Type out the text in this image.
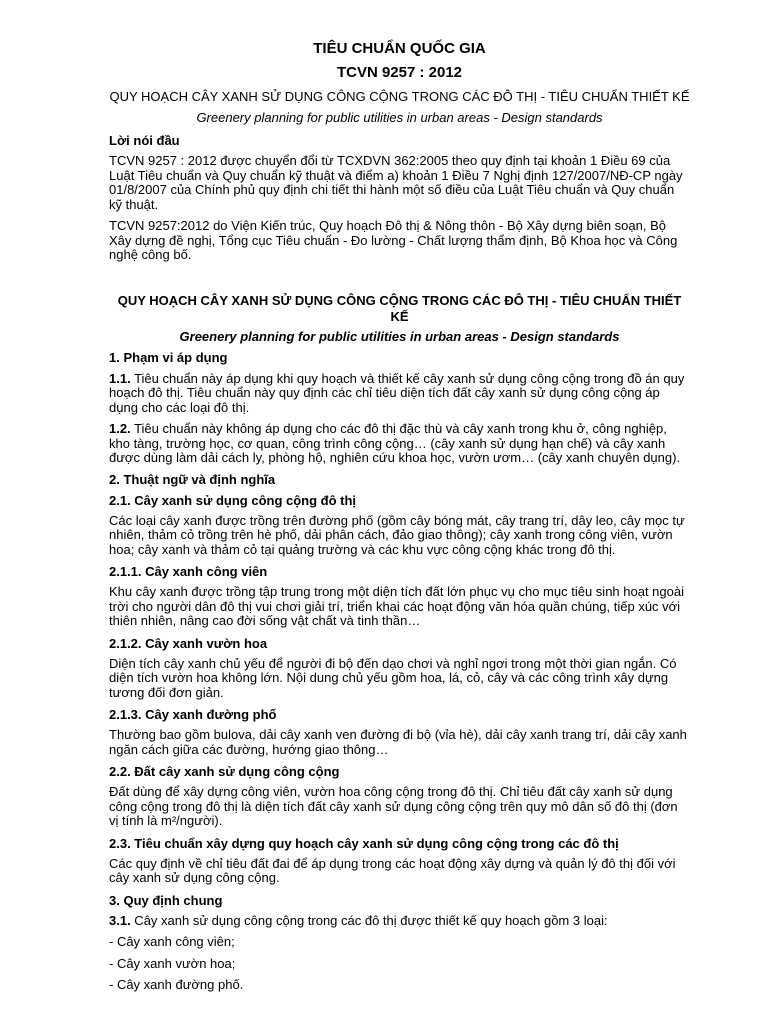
TIÊU CHUẨN QUỐC GIA

TCVN 9257 : 2012

QUY HOẠCH CÂY XANH SỬ DỤNG CÔNG CỘNG TRONG CÁC ĐÔ THỊ - TIÊU CHUẨN THIẾT KẾ

Greenery planning for public utilities in urban areas - Design standards

Lời nói đầu

TCVN 9257 : 2012 được chuyển đổi từ TCXDVN 362:2005 theo quy định tại khoản 1 Điều 69 của Luật Tiêu chuẩn và Quy chuẩn kỹ thuật và điểm a) khoản 1 Điều 7 Nghị định 127/2007/NĐ-CP ngày 01/8/2007 của Chính phủ quy định chi tiết thi hành một số điều của Luật Tiêu chuẩn và Quy chuẩn kỹ thuật.

TCVN 9257:2012 do Viện Kiến trúc, Quy hoạch Đô thị & Nông thôn - Bộ Xây dựng biên soạn, Bộ Xây dựng đề nghị, Tổng cục Tiêu chuẩn - Đo lường - Chất lượng thẩm định, Bộ Khoa học và Công nghệ công bố.

QUY HOẠCH CÂY XANH SỬ DỤNG CÔNG CỘNG TRONG CÁC ĐÔ THỊ - TIÊU CHUẨN THIẾT KẾ

Greenery planning for public utilities in urban areas - Design standards

1. Phạm vi áp dụng

1.1. Tiêu chuẩn này áp dụng khi quy hoạch và thiết kế cây xanh sử dụng công cộng trong đồ án quy hoạch đô thị. Tiêu chuẩn này quy định các chỉ tiêu diện tích đất cây xanh sử dụng công cộng áp dụng cho các loại đô thị.

1.2. Tiêu chuẩn này không áp dụng cho các đô thị đặc thù và cây xanh trong khu ở, công nghiệp, kho tàng, trường học, cơ quan, công trình công cộng… (cây xanh sử dụng hạn chế) và cây xanh được dùng làm dải cách ly, phòng hộ, nghiên cứu khoa học, vườn ươm… (cây xanh chuyên dụng).

2. Thuật ngữ và định nghĩa

2.1. Cây xanh sử dụng công cộng đô thị

Các loại cây xanh được trồng trên đường phố (gồm cây bóng mát, cây trang trí, dây leo, cây mọc tự nhiên, thảm cỏ trồng trên hè phố, dải phân cách, đảo giao thông); cây xanh trong công viên, vườn hoa; cây xanh và thảm cỏ tại quảng trường và các khu vực công cộng khác trong đô thị.

2.1.1. Cây xanh công viên

Khu cây xanh được trồng tập trung trong một diện tích đất lớn phục vụ cho mục tiêu sinh hoạt ngoài trời cho người dân đô thị vui chơi giải trí, triển khai các hoạt động văn hóa quần chúng, tiếp xúc với thiên nhiên, nâng cao đời sống vật chất và tinh thần…

2.1.2. Cây xanh vườn hoa

Diện tích cây xanh chủ yếu để người đi bộ đến dạo chơi và nghỉ ngơi trong một thời gian ngắn. Có diện tích vườn hoa không lớn. Nội dung chủ yếu gồm hoa, lá, cỏ, cây và các công trình xây dựng tương đối đơn giản.

2.1.3. Cây xanh đường phố

Thường bao gồm bulova, dải cây xanh ven đường đi bộ (vỉa hè), dải cây xanh trang trí, dải cây xanh ngăn cách giữa các đường, hướng giao thông…

2.2. Đất cây xanh sử dụng công cộng

Đất dùng để xây dựng công viên, vườn hoa công cộng trong đô thị. Chỉ tiêu đất cây xanh sử dụng công cộng trong đô thị là diện tích đất cây xanh sử dụng công cộng trên quy mô dân số đô thị (đơn vị tính là m²/người).

2.3. Tiêu chuẩn xây dựng quy hoạch cây xanh sử dụng công cộng trong các đô thị

Các quy định về chỉ tiêu đất đai để áp dụng trong các hoạt động xây dựng và quản lý đô thị đối với cây xanh sử dụng công cộng.

3. Quy định chung

3.1. Cây xanh sử dụng công cộng trong các đô thị được thiết kế quy hoạch gồm 3 loại:

- Cây xanh công viên;

- Cây xanh vườn hoa;

- Cây xanh đường phố.
